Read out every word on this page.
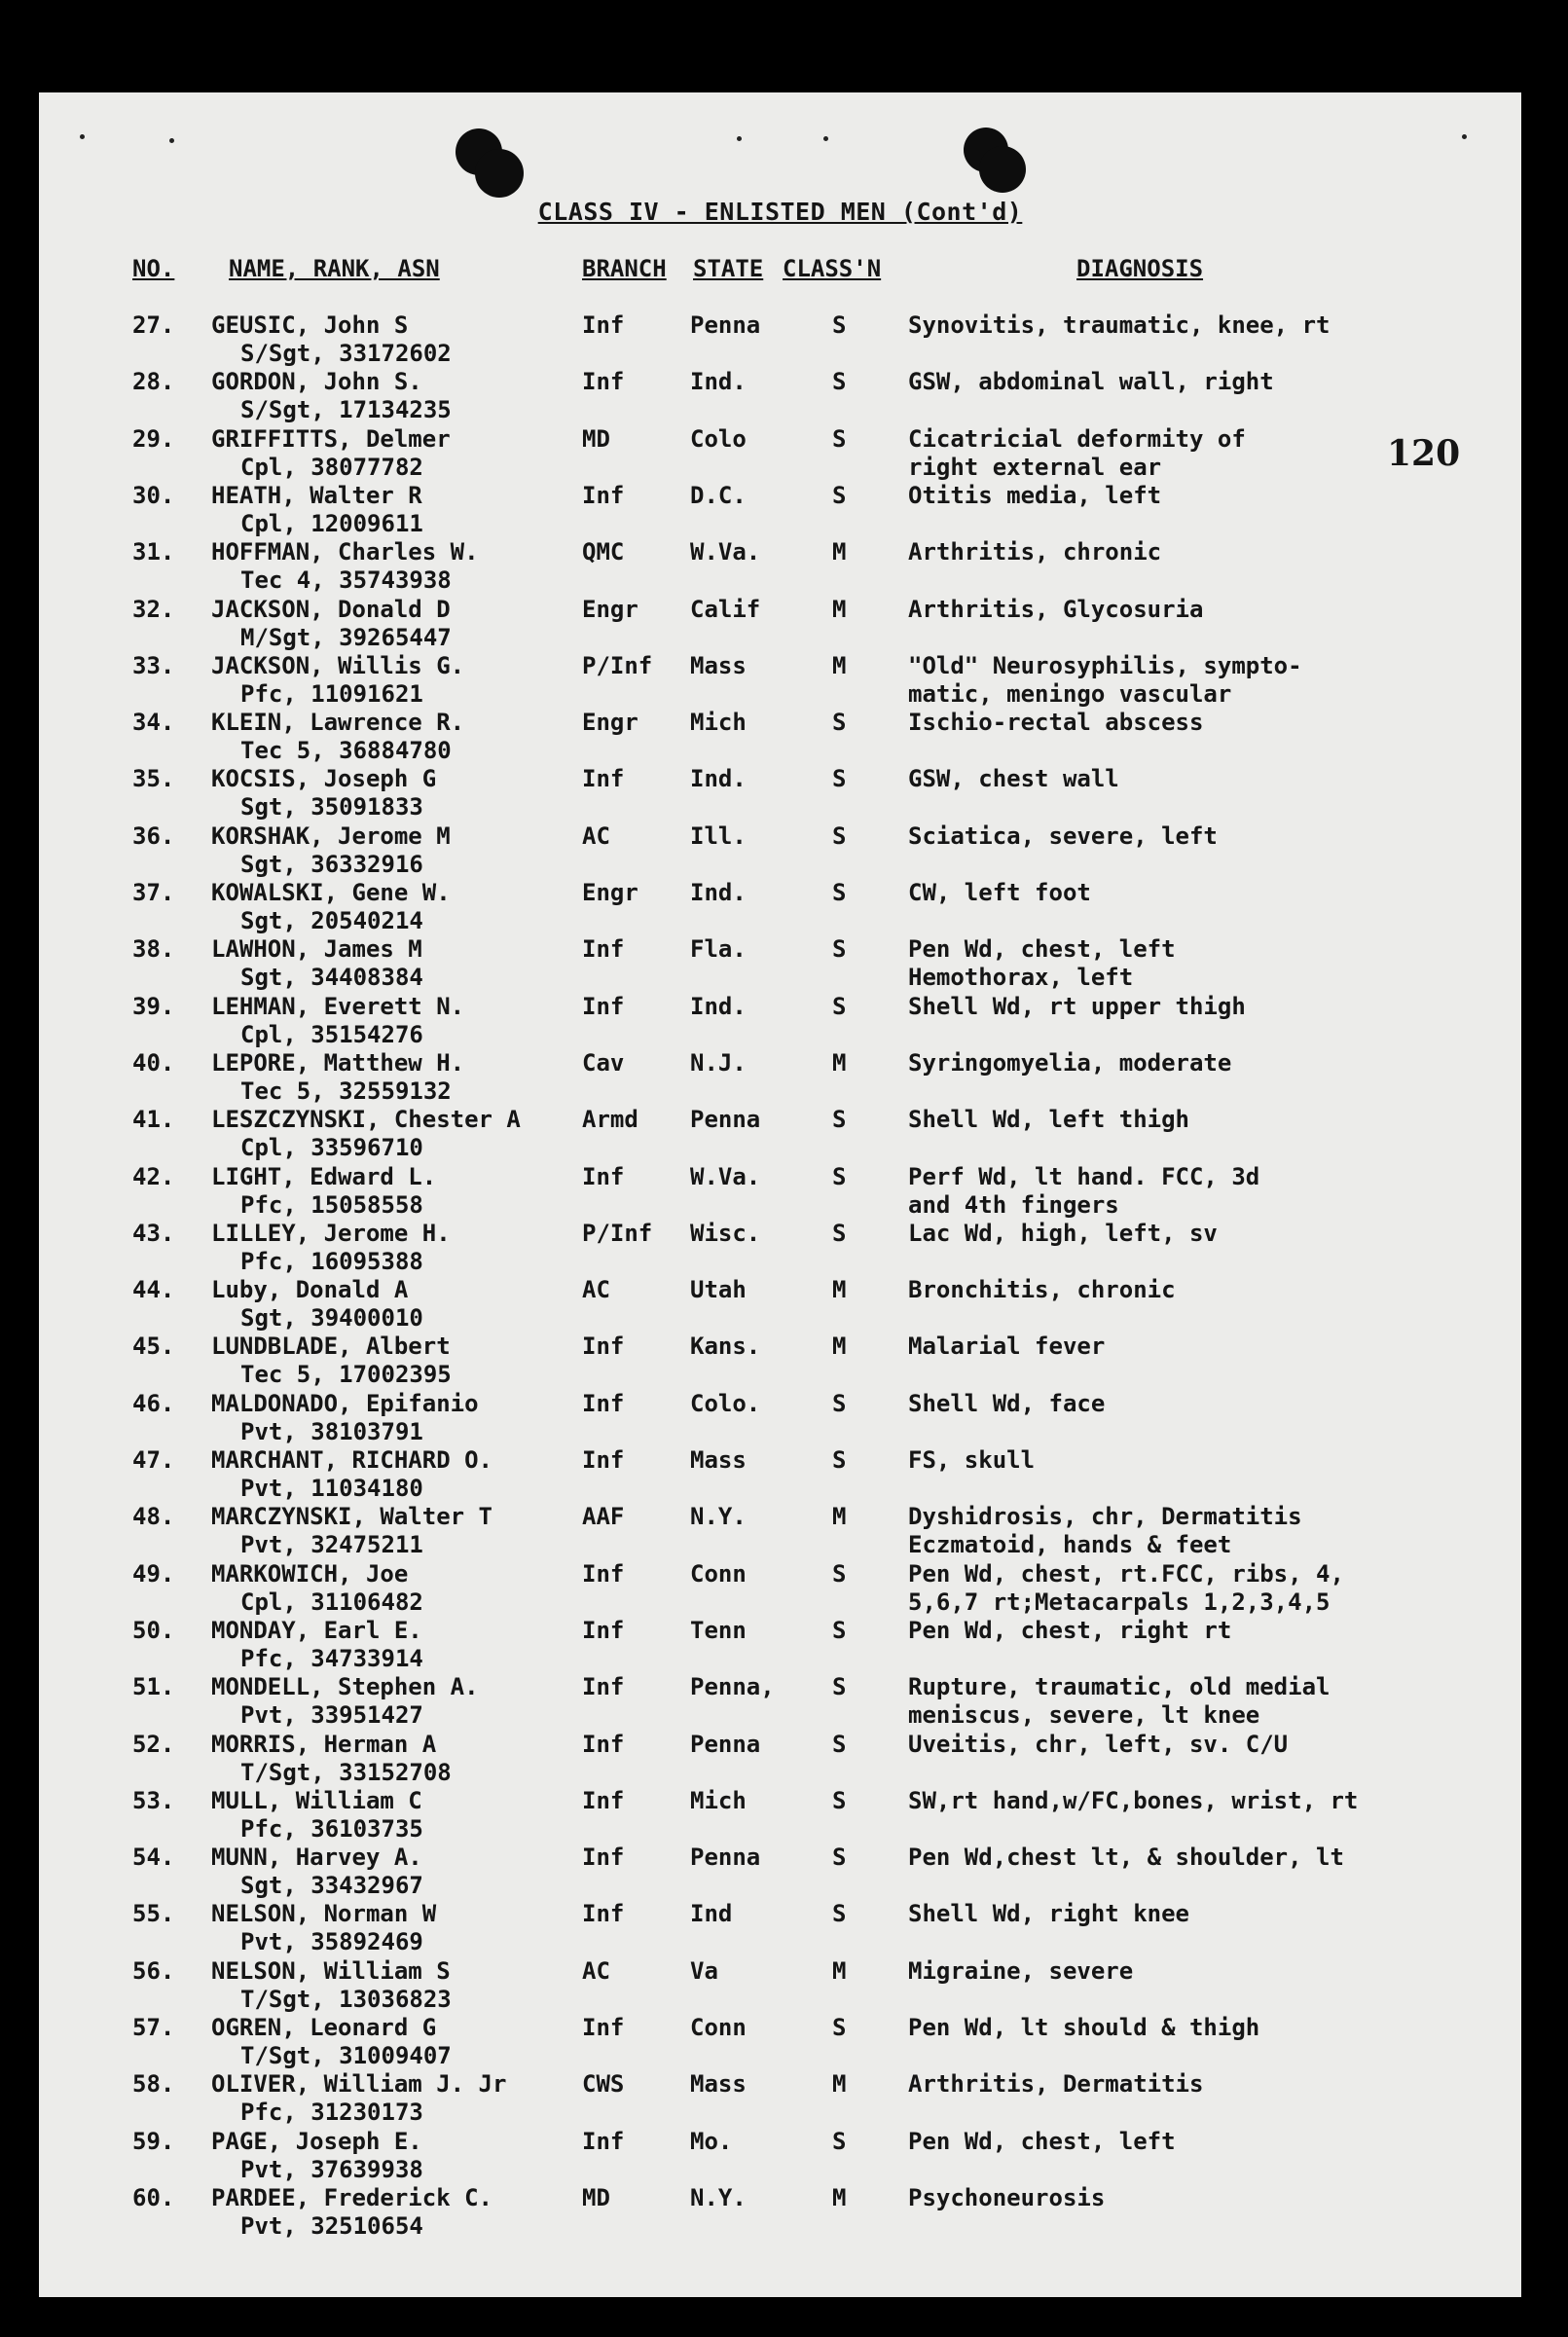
CLASS IV - ENLISTED MEN (Cont'd)
120
NO. NAME, RANK, ASN	BRANCH STATE CLASS'N	DIAGNOSIS
27. GEUSIC, John S
S/Sgt, 33172602
Inf	Penna	S	Synovitis, traumatic, knee, rt
28. GORDON, John S.
S/Sgt, 17134235
Inf	Ind.	S	GSW, abdominal wall, right
29. GRIFFITTS, Delmer
Cpl, 38077782
MD	Colo	S	Cicatricial deformity of
right external ear
30. HEATH, Walter R
Cpl, 12009611
Inf	D.C.	S	Otitis media, left
31. HOFFMAN, Charles W.
Tec 4, 35743938
QMC	W.Va.	M	Arthritis, chronic
32. JACKSON, Donald D
M/Sgt, 39265447
Engr Calif	M	Arthritis, Glycosuria
33. JACKSON, Willis G.
Pfc, 11091621
P/Inf Mass	M	"Old" Neurosyphilis, sympto-
matic, meningo vascular
34. KLEIN, Lawrence R.
Tec 5, 36884780
Engr Mich	S	Ischio-rectal abscess
35. KOCSIS, Joseph G
Sgt, 35091833
Inf	Ind.	S	GSW, chest wall
36. KORSHAK, Jerome M
Sgt, 36332916
AC	Ill.	S	Sciatica, severe, left
37. KOWALSKI, Gene W.
Sgt, 20540214
Engr Ind.	S	CW, left foot
38. LAWHON, James M
Sgt, 34408384
Inf	Fla.	S	Pen Wd, chest, left
Hemothorax, left
39. LEHMAN, Everett N.
Cpl, 35154276
Inf	Ind.	S	Shell Wd, rt upper thigh
40. LEPORE, Matthew H.
Tec 5, 32559132
Cav	N.J.	M	Syringomyelia, moderate
41. LESZCZYNSKI, Chester A
Cpl, 33596710
Armd Penna	S	Shell Wd, left thigh
42. LIGHT, Edward L.
Pfc, 15058558
Inf	W.Va.	S	Perf Wd, lt hand. FCC, 3d
and 4th fingers
43. LILLEY, Jerome H.
Pfc, 16095388
P/Inf Wisc.	S	Lac Wd, high, left, sv
44. Luby, Donald A
Sgt, 39400010
AC	Utah	M	Bronchitis, chronic
45. LUNDBLADE, Albert
Tec 5, 17002395
Inf	Kans.	M	Malarial fever
46. MALDONADO, Epifanio
Pvt, 38103791
Inf	Colo.	S	Shell Wd, face
47. MARCHANT, RICHARD O.
Pvt, 11034180
Inf	Mass	S	FS, skull
48. MARCZYNSKI, Walter T
Pvt, 32475211
AAF	N.Y.	M	Dyshidrosis, chr, Dermatitis
Eczmatoid, hands & feet
49. MARKOWICH, Joe
Cpl, 31106482
Inf	Conn	S	Pen Wd, chest, rt.FCC, ribs, 4,
5,6,7 rt;Metacarpals 1,2,3,4,5
50. MONDAY, Earl E.
Pfc, 34733914
Inf	Tenn	S	Pen Wd, chest, right rt
51. MONDELL, Stephen A.
Pvt, 33951427
Inf	Penna, S	Rupture, traumatic, old medial
meniscus, severe, lt knee
52. MORRIS, Herman A
T/Sgt, 33152708
Inf	Penna	S	Uveitis, chr, left, sv. C/U
53. MULL, William C
Pfc, 36103735
Inf	Mich	S	SW,rt hand,w/FC,bones, wrist, rt
54. MUNN, Harvey A.
Sgt, 33432967
Inf	Penna	S	Pen Wd,chest lt, & shoulder, lt
55. NELSON, Norman W
Pvt, 35892469
Inf	Ind	S	Shell Wd, right knee
56. NELSON, William S
T/Sgt, 13036823
AC	Va	M	Migraine, severe
57. OGREN, Leonard G
T/Sgt, 31009407
Inf	Conn	S	Pen Wd, lt should & thigh
58. OLIVER, William J. Jr
Pfc, 31230173
CWS	Mass	M	Arthritis, Dermatitis
59. PAGE, Joseph E.
Pvt, 37639938
Inf	Mo.	S	Pen Wd, chest, left
60. PARDEE, Frederick C.
Pvt, 32510654
MD	N.Y.	M	Psychoneurosis
